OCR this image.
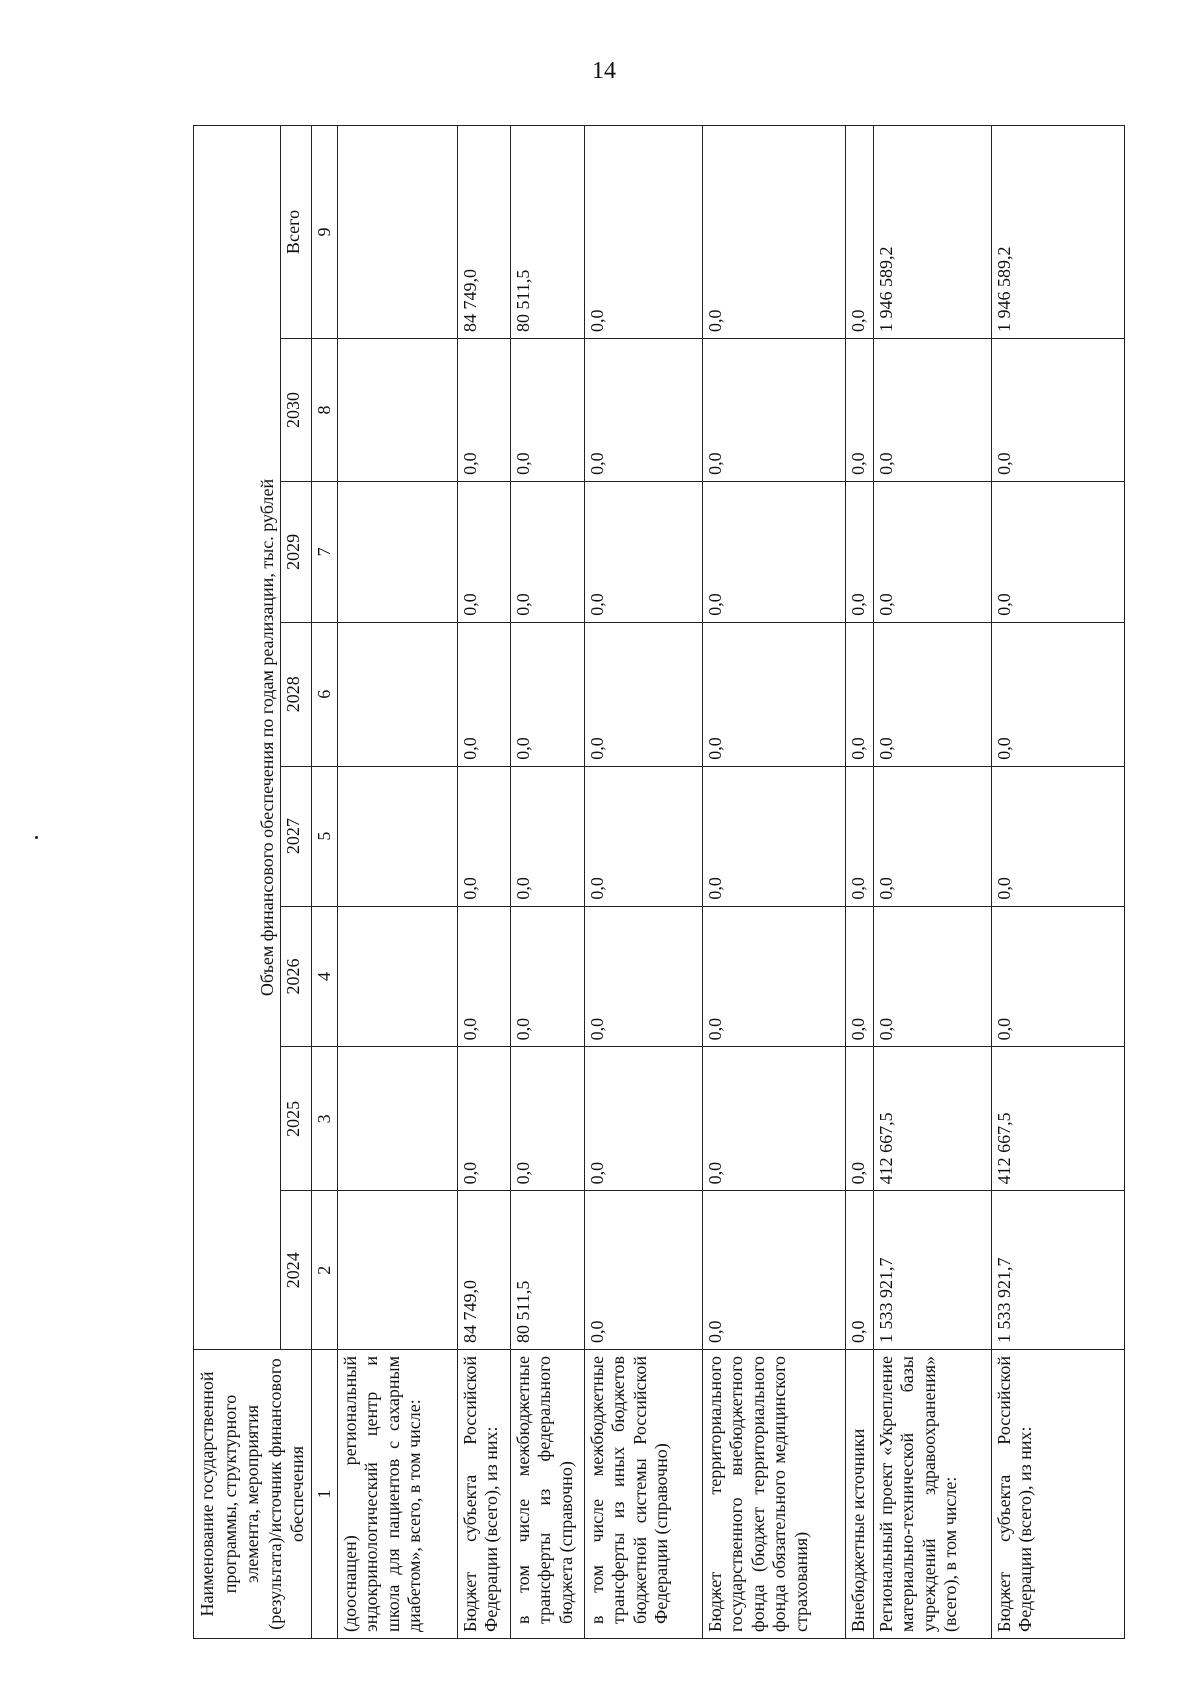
14
Наименование государственной программы, структурного элемента, мероприятия (результата)/источник финансового обеспечения	Объем финансового обеспечения по годам реализации, тыс. рублей							
	2024	2025	2026	2027	2028	2029	2030	Всего
1	2	3	4	5	6	7	8	9
(дооснащен) региональный эндокринологический центр и школа для пациентов с сахарным диабетом», всего, в том числе:								
Бюджет субъекта Российской Федерации (всего), из них:	84 749,0	0,0	0,0	0,0	0,0	0,0	0,0	84 749,0
в том числе межбюджетные трансферты из федерального бюджета (справочно)	80 511,5	0,0	0,0	0,0	0,0	0,0	0,0	80 511,5
в том числе межбюджетные трансферты из иных бюджетов бюджетной системы Российской Федерации (справочно)	0,0	0,0	0,0	0,0	0,0	0,0	0,0	0,0
Бюджет территориального государственного внебюджетного фонда (бюджет территориального фонда обязательного медицинского страхования)	0,0	0,0	0,0	0,0	0,0	0,0	0,0	0,0
Внебюджетные источники	0,0	0,0	0,0	0,0	0,0	0,0	0,0	0,0
Региональный проект «Укрепление материально-технической базы учреждений здравоохранения» (всего), в том числе:	1 533 921,7	412 667,5	0,0	0,0	0,0	0,0	0,0	1 946 589,2
Бюджет субъекта Российской Федерации (всего), из них:	1 533 921,7	412 667,5	0,0	0,0	0,0	0,0	0,0	1 946 589,2
